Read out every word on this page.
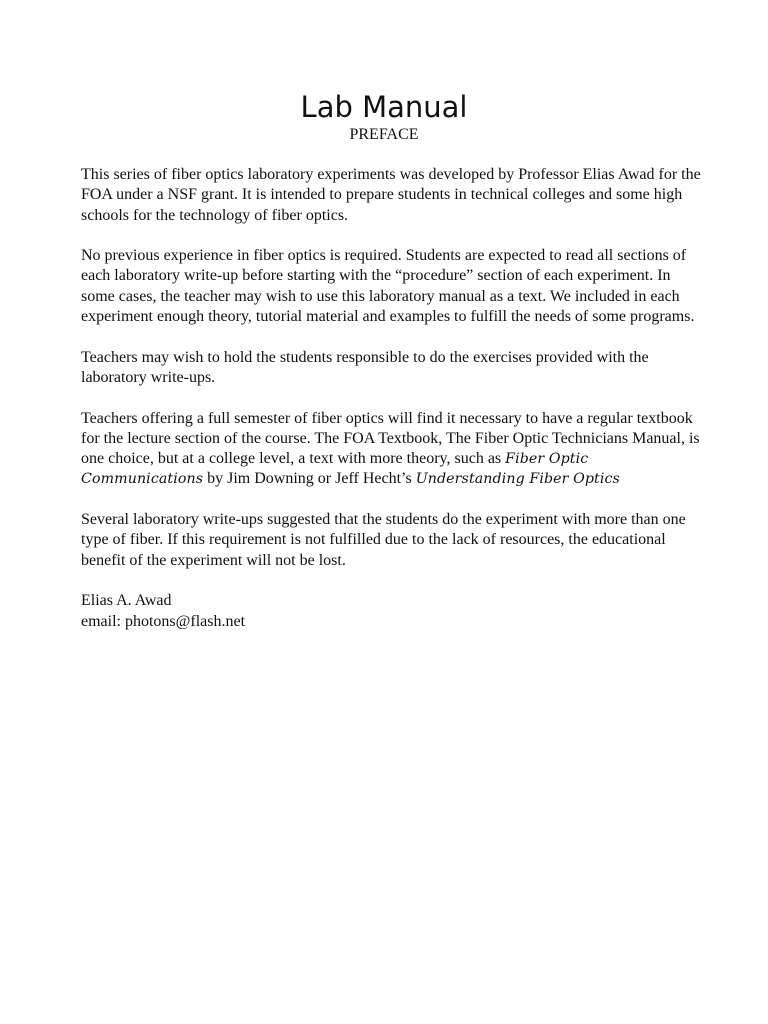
Lab Manual
PREFACE

This series of fiber optics laboratory experiments was developed by Professor Elias Awad for the FOA under a NSF grant. It is intended to prepare students in technical colleges and some high schools for the technology of fiber optics.

No previous experience in fiber optics is required. Students are expected to read all sections of each laboratory write-up before starting with the “procedure” section of each experiment. In some cases, the teacher may wish to use this laboratory manual as a text. We included in each experiment enough theory, tutorial material and examples to fulfill the needs of some programs.

Teachers may wish to hold the students responsible to do the exercises provided with the laboratory write-ups.

Teachers offering a full semester of fiber optics will find it necessary to have a regular textbook for the lecture section of the course. The FOA Textbook, The Fiber Optic Technicians Manual, is one choice, but at a college level, a text with more theory, such as Fiber Optic Communications by Jim Downing or Jeff Hecht’s Understanding Fiber Optics

Several laboratory write-ups suggested that the students do the experiment with more than one type of fiber. If this requirement is not fulfilled due to the lack of resources, the educational benefit of the experiment will not be lost.

Elias A. Awad
email: photons@flash.net
